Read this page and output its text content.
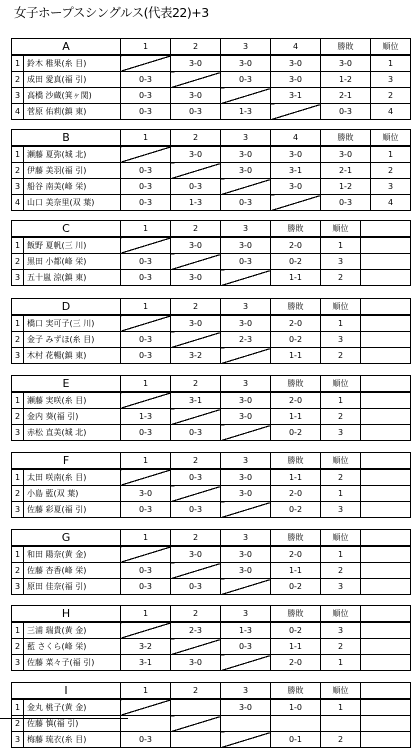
女子ホープスシングルス(代表22)+3
A		1	2	3	4	勝敗	順位
1	鈴木 稚果(糸 目)		3-0	3-0	3-0	3-0	1
2	成田 愛真(福 引)	0-3		0-3	3-0	1-2	3
3	高橋 沙蔵(箕ヶ関)	0-3	3-0		3-1	2-1	2
4	菅原 佑莉(鎮 東)	0-3	0-3	1-3		0-3	4
B		1	2	3	4	勝敗	順位
1	瀬藤 夏弥(城 北)		3-0	3-0	3-0	3-0	1
2	伊藤 美羽(福 引)	0-3		3-0	3-1	2-1	2
3	船谷 南美(峰 栄)	0-3	0-3		3-0	1-2	3
4	山口 美奈里(双 葉)	0-3	1-3	0-3		0-3	4
C		1	2	3	勝敗	順位	
1	飯野 夏帆(三 川)		3-0	3-0	2-0	1	
2	黒田 小都(峰 栄)	0-3		0-3	0-2	3	
3	五十嵐 涼(鎮 東)	0-3	3-0		1-1	2	
D		1	2	3	勝敗	順位	
1	橋口 実可子(三 川)		3-0	3-0	2-0	1	
2	金子 みずほ(糸 目)	0-3		2-3	0-2	3	
3	木村 花暢(鎮 東)	0-3	3-2		1-1	2	
E		1	2	3	勝敗	順位	
1	瀬藤 実咲(糸 目)		3-1	3-0	2-0	1	
2	金内 葵(福 引)	1-3		3-0	1-1	2	
3	赤松 直美(城 北)	0-3	0-3		0-2	3	
F		1	2	3	勝敗	順位	
1	太田 咲南(糸 目)		0-3	3-0	1-1	2	
2	小島 藍(双 葉)	3-0		3-0	2-0	1	
3	佐藤 彩夏(福 引)	0-3	0-3		0-2	3	
G		1	2	3	勝敗	順位	
1	和田 陽奈(黄 金)		3-0	3-0	2-0	1	
2	佐藤 杏香(峰 栄)	0-3		3-0	1-1	2	
3	原田 佳奈(福 引)	0-3	0-3		0-2	3	
H		1	2	3	勝敗	順位	
1	三浦 瑞貴(黄 金)		2-3	1-3	0-2	3	
2	藍 さくら(峰 栄)	3-2		0-3	1-1	2	
3	佐藤 菜々子(福 引)	3-1	3-0		2-0	1	
I		1	2	3	勝敗	順位	
1	金丸 桃子(黄 金)			3-0	1-0	1	
2	佐藤 慎(福 引)						
3	梅藤 琉衣(糸 目)	0-3			0-1	2	
